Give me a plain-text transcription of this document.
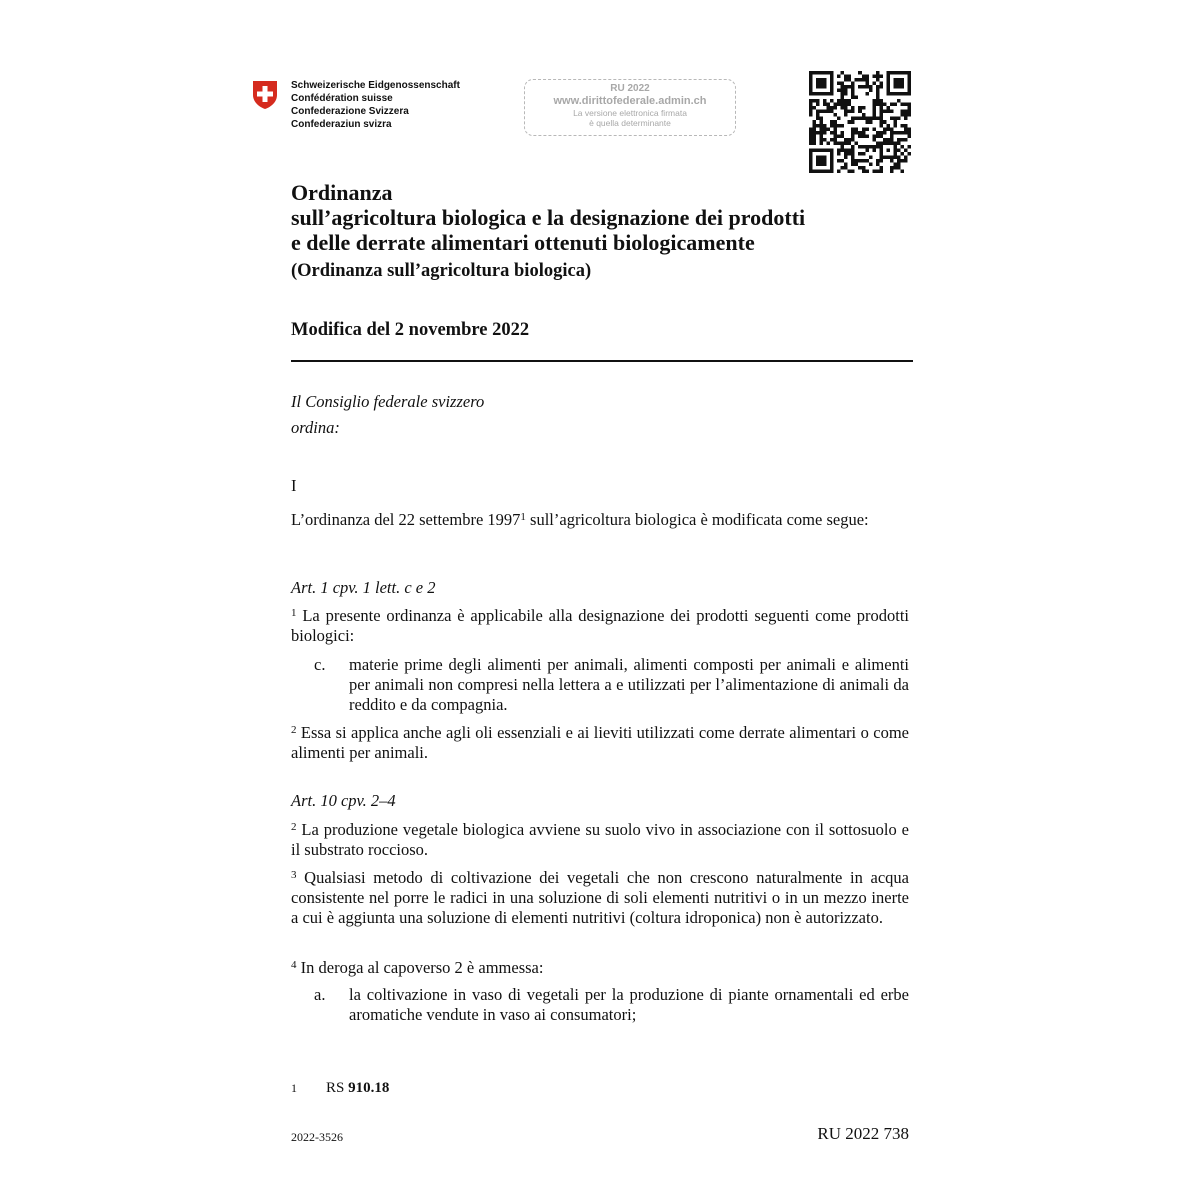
Schweizerische Eidgenossenschaft
Confédération suisse
Confederazione Svizzera
Confederaziun svizra
RU 2022
www.dirittofederale.admin.ch
La versione elettronica firmata
è quella determinante
Ordinanza
sull’agricoltura biologica e la designazione dei prodotti
e delle derrate alimentari ottenuti biologicamente
(Ordinanza sull’agricoltura biologica)
Modifica del 2 novembre 2022
Il Consiglio federale svizzero
ordina:
I
L’ordinanza del 22 settembre 1997$^1$ sull’agricoltura biologica è modificata come segue:
Art. 1 cpv. 1 lett. c e 2
$^1$ La presente ordinanza è applicabile alla designazione dei prodotti seguenti come prodotti biologici:
c. materie prime degli alimenti per animali, alimenti composti per animali e alimenti per animali non compresi nella lettera a e utilizzati per l’alimentazione di animali da reddito e da compagnia.
$^2$ Essa si applica anche agli oli essenziali e ai lieviti utilizzati come derrate alimentari o come alimenti per animali.
Art. 10 cpv. 2–4
$^2$ La produzione vegetale biologica avviene su suolo vivo in associazione con il sottosuolo e il substrato roccioso.
$^3$ Qualsiasi metodo di coltivazione dei vegetali che non crescono naturalmente in acqua consistente nel porre le radici in una soluzione di soli elementi nutritivi o in un mezzo inerte a cui è aggiunta una soluzione di elementi nutritivi (coltura idroponica) non è autorizzato.
$^4$ In deroga al capoverso 2 è ammessa:
a. la coltivazione in vaso di vegetali per la produzione di piante ornamentali ed erbe aromatiche vendute in vaso ai consumatori;
$^1$ RS 910.18
2022-3526	RU 2022 738
